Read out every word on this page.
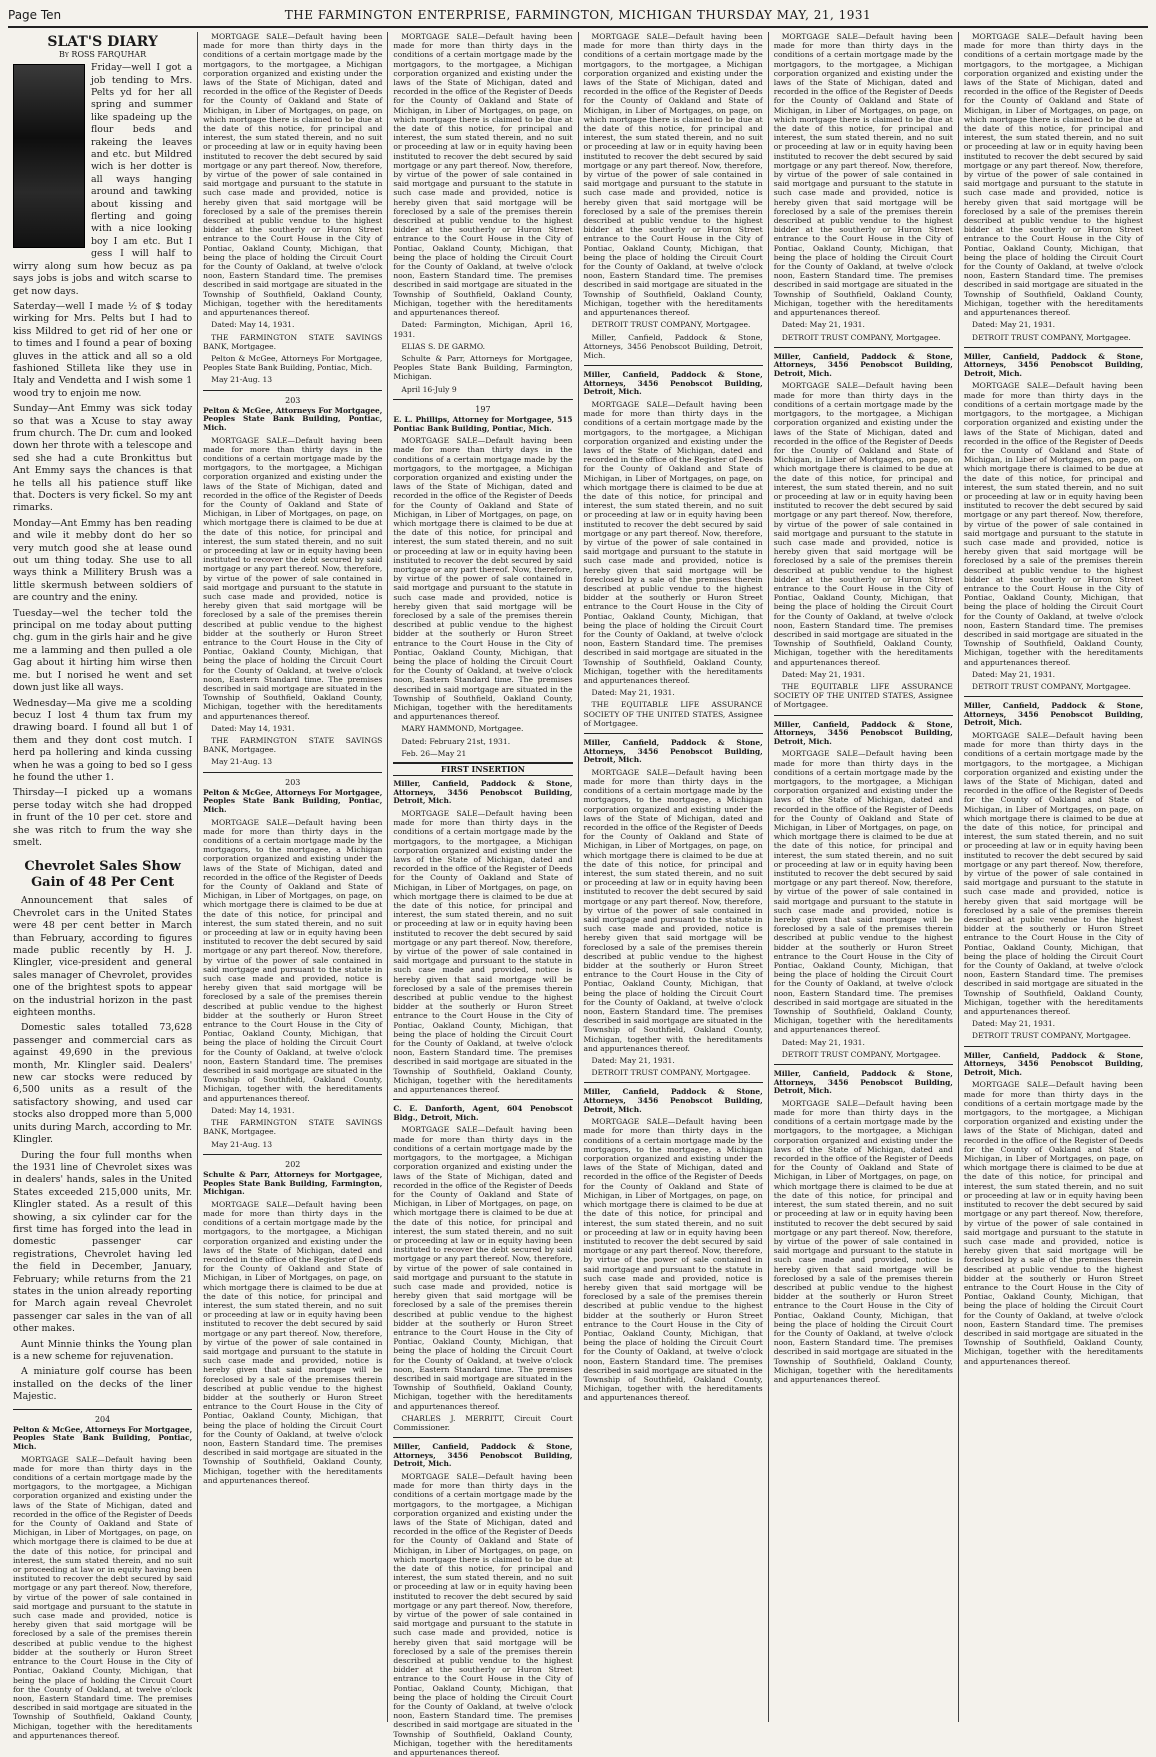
Page Ten	THE FARMINGTON ENTERPRISE, FARMINGTON, MICHIGAN THURSDAY MAY, 21, 1931
SLAT'S DIARY
By ROSS FARQUHAR

Friday—well I got a job tending to Mrs. Pelts yd for her all spring and summer like spadeing up the flour beds and rakeing the leaves and etc. but Mildred wich is her dotter is all ways hanging around and tawking about kissing and flerting and going with a nice looking boy I am etc. But I gess I will half to wirry along sum how becuz as pa says jobs is jobs and witch scarse to get now days.

Saterday—well I made ½ of $ today wirking for Mrs. Pelts but I had to kiss Mildred to get rid of her one or to times and I found a pear of boxing gluves in the attick and all so a old fashioned Stilleta like they use in Italy and Vendetta and I wish some 1 wood try to enjoin me now.

Sunday—Ant Emmy was sick today so that was a Xcuse to stay away frum church. The Dr. cum and looked down her throte with a telescope and sed she had a cute Bronkittus but Ant Emmy says the chances is that he tells all his patience stuff like that. Docters is very fickel. So my ant rimarks.

Monday—Ant Emmy has ben reading and wile it mebby dont do her so very mutch good she at lease ound out um thing today. She use to all ways think a Millitery Brush was a little skermush between soldiers of are country and the eniny.

Tuesday—wel the techer told the principal on me today about putting chg. gum in the girls hair and he give me a lamming and then pulled a ole Gag about it hirting him wirse then me. but I norised he went and set down just like all ways.

Wednesday—Ma give me a scolding becuz I lost 4 thum tax frum my drawing board. I found all but 1 of them and they dont cost mutch. I herd pa hollering and kinda cussing when he was a going to bed so I gess he found the uther 1.

Thirsday—I picked up a womans perse today witch she had dropped in frunt of the 10 per cet. store and she was ritch to frum the way she smelt.

Chevrolet Sales Show Gain of 48 Per Cent

Announcement that sales of Chevrolet cars in the United States were 48 per cent better in March than February, according to figures made public recently by H. J. Klingler, vice-president and general sales manager of Chevrolet, provides one of the brightest spots to appear on the industrial horizon in the past eighteen months.

Domestic sales totalled 73,628 passenger and commercial cars as against 49,690 in the previous month, Mr. Klingler said. Dealers' new car stocks were reduced by 6,500 units as a result of the satisfactory showing, and used car stocks also dropped more than 5,000 units during March, according to Mr. Klingler.

During the four full months when the 1931 line of Chevrolet sixes was in dealers' hands, sales in the United States exceeded 215,000 units, Mr. Klingler stated. As a result of this showing, a six cylinder car for the first time has forged into the lead in domestic passenger car registrations, Chevrolet having led the field in December, January, February; while returns from the 21 states in the union already reporting for March again reveal Chevrolet passenger car sales in the van of all other makes.

Aunt Minnie thinks the Young plan is a new scheme for rejuvenation.

A miniature golf course has been installed on the decks of the liner Majestic.

204

Pelton & McGee, Attorneys For Mortgagee, Peoples State Bank Building, Pontiac, Mich.

MORTGAGE SALE—Default having been made for more than thirty days in the conditions of a certain mortgage made by the mortgagors, to the mortgagee, a Michigan corporation organized and existing under the laws of the State of Michigan, dated and recorded in the office of the Register of Deeds for the County of Oakland and State of Michigan, in Liber of Mortgages, on page, on which mortgage there is claimed to be due at the date of this notice, for principal and interest, the sum stated therein, and no suit or proceeding at law or in equity having been instituted to recover the debt secured by said mortgage or any part thereof. Now, therefore, by virtue of the power of sale contained in said mortgage and pursuant to the statute in such case made and provided, notice is hereby given that said mortgage will be foreclosed by a sale of the premises therein described at public vendue to the highest bidder at the southerly or Huron Street entrance to the Court House in the City of Pontiac, Oakland County, Michigan, that being the place of holding the Circuit Court for the County of Oakland, at twelve o'clock noon, Eastern Standard time. The premises described in said mortgage are situated in the Township of Southfield, Oakland County, Michigan, together with the hereditaments and appurtenances thereof.

MORTGAGE SALE—Default having been made for more than thirty days in the conditions of a certain mortgage made by the mortgagors, to the mortgagee, a Michigan corporation organized and existing under the laws of the State of Michigan, dated and recorded in the office of the Register of Deeds for the County of Oakland and State of Michigan, in Liber of Mortgages, on page, on which mortgage there is claimed to be due at the date of this notice, for principal and interest, the sum stated therein, and no suit or proceeding at law or in equity having been instituted to recover the debt secured by said mortgage or any part thereof. Now, therefore, by virtue of the power of sale contained in said mortgage and pursuant to the statute in such case made and provided, notice is hereby given that said mortgage will be foreclosed by a sale of the premises therein described at public vendue to the highest bidder at the southerly or Huron Street entrance to the Court House in the City of Pontiac, Oakland County, Michigan, that being the place of holding the Circuit Court for the County of Oakland, at twelve o'clock noon, Eastern Standard time. The premises described in said mortgage are situated in the Township of Southfield, Oakland County, Michigan, together with the hereditaments and appurtenances thereof.

Dated: May 14, 1931.

THE FARMINGTON STATE SAVINGS BANK, Mortgagee.

Pelton & McGee, Attorneys For Mortgagee, Peoples State Bank Building, Pontiac, Mich.

May 21-Aug. 13

203

Pelton & McGee, Attorneys For Mortgagee, Peoples State Bank Building, Pontiac, Mich.

MORTGAGE SALE—Default having been made for more than thirty days in the conditions of a certain mortgage made by the mortgagors, to the mortgagee, a Michigan corporation organized and existing under the laws of the State of Michigan, dated and recorded in the office of the Register of Deeds for the County of Oakland and State of Michigan, in Liber of Mortgages, on page, on which mortgage there is claimed to be due at the date of this notice, for principal and interest, the sum stated therein, and no suit or proceeding at law or in equity having been instituted to recover the debt secured by said mortgage or any part thereof. Now, therefore, by virtue of the power of sale contained in said mortgage and pursuant to the statute in such case made and provided, notice is hereby given that said mortgage will be foreclosed by a sale of the premises therein described at public vendue to the highest bidder at the southerly or Huron Street entrance to the Court House in the City of Pontiac, Oakland County, Michigan, that being the place of holding the Circuit Court for the County of Oakland, at twelve o'clock noon, Eastern Standard time. The premises described in said mortgage are situated in the Township of Southfield, Oakland County, Michigan, together with the hereditaments and appurtenances thereof.

Dated: May 14, 1931.

THE FARMINGTON STATE SAVINGS BANK, Mortgagee.

May 21-Aug. 13

203

Pelton & McGee, Attorneys For Mortgagee, Peoples State Bank Building, Pontiac, Mich.

MORTGAGE SALE—Default having been made for more than thirty days in the conditions of a certain mortgage made by the mortgagors, to the mortgagee, a Michigan corporation organized and existing under the laws of the State of Michigan, dated and recorded in the office of the Register of Deeds for the County of Oakland and State of Michigan, in Liber of Mortgages, on page, on which mortgage there is claimed to be due at the date of this notice, for principal and interest, the sum stated therein, and no suit or proceeding at law or in equity having been instituted to recover the debt secured by said mortgage or any part thereof. Now, therefore, by virtue of the power of sale contained in said mortgage and pursuant to the statute in such case made and provided, notice is hereby given that said mortgage will be foreclosed by a sale of the premises therein described at public vendue to the highest bidder at the southerly or Huron Street entrance to the Court House in the City of Pontiac, Oakland County, Michigan, that being the place of holding the Circuit Court for the County of Oakland, at twelve o'clock noon, Eastern Standard time. The premises described in said mortgage are situated in the Township of Southfield, Oakland County, Michigan, together with the hereditaments and appurtenances thereof.

Dated: May 14, 1931.

THE FARMINGTON STATE SAVINGS BANK, Mortgagee.

May 21-Aug. 13

202

Schulte & Parr, Attorneys for Mortgagee, Peoples State Bank Building, Farmington, Michigan.

MORTGAGE SALE—Default having been made for more than thirty days in the conditions of a certain mortgage made by the mortgagors, to the mortgagee, a Michigan corporation organized and existing under the laws of the State of Michigan, dated and recorded in the office of the Register of Deeds for the County of Oakland and State of Michigan, in Liber of Mortgages, on page, on which mortgage there is claimed to be due at the date of this notice, for principal and interest, the sum stated therein, and no suit or proceeding at law or in equity having been instituted to recover the debt secured by said mortgage or any part thereof. Now, therefore, by virtue of the power of sale contained in said mortgage and pursuant to the statute in such case made and provided, notice is hereby given that said mortgage will be foreclosed by a sale of the premises therein described at public vendue to the highest bidder at the southerly or Huron Street entrance to the Court House in the City of Pontiac, Oakland County, Michigan, that being the place of holding the Circuit Court for the County of Oakland, at twelve o'clock noon, Eastern Standard time. The premises described in said mortgage are situated in the Township of Southfield, Oakland County, Michigan, together with the hereditaments and appurtenances thereof.

MORTGAGE SALE—Default having been made for more than thirty days in the conditions of a certain mortgage made by the mortgagors, to the mortgagee, a Michigan corporation organized and existing under the laws of the State of Michigan, dated and recorded in the office of the Register of Deeds for the County of Oakland and State of Michigan, in Liber of Mortgages, on page, on which mortgage there is claimed to be due at the date of this notice, for principal and interest, the sum stated therein, and no suit or proceeding at law or in equity having been instituted to recover the debt secured by said mortgage or any part thereof. Now, therefore, by virtue of the power of sale contained in said mortgage and pursuant to the statute in such case made and provided, notice is hereby given that said mortgage will be foreclosed by a sale of the premises therein described at public vendue to the highest bidder at the southerly or Huron Street entrance to the Court House in the City of Pontiac, Oakland County, Michigan, that being the place of holding the Circuit Court for the County of Oakland, at twelve o'clock noon, Eastern Standard time. The premises described in said mortgage are situated in the Township of Southfield, Oakland County, Michigan, together with the hereditaments and appurtenances thereof.

Dated: Farmington, Michigan, April 16, 1931.

ELIAS S. DE GARMO.

Schulte & Parr, Attorneys for Mortgagee, Peoples State Bank Building, Farmington, Michigan.

April 16-July 9

197

E. L. Phillips, Attorney for Mortgagee, 515 Pontiac Bank Building, Pontiac, Mich.

MORTGAGE SALE—Default having been made for more than thirty days in the conditions of a certain mortgage made by the mortgagors, to the mortgagee, a Michigan corporation organized and existing under the laws of the State of Michigan, dated and recorded in the office of the Register of Deeds for the County of Oakland and State of Michigan, in Liber of Mortgages, on page, on which mortgage there is claimed to be due at the date of this notice, for principal and interest, the sum stated therein, and no suit or proceeding at law or in equity having been instituted to recover the debt secured by said mortgage or any part thereof. Now, therefore, by virtue of the power of sale contained in said mortgage and pursuant to the statute in such case made and provided, notice is hereby given that said mortgage will be foreclosed by a sale of the premises therein described at public vendue to the highest bidder at the southerly or Huron Street entrance to the Court House in the City of Pontiac, Oakland County, Michigan, that being the place of holding the Circuit Court for the County of Oakland, at twelve o'clock noon, Eastern Standard time. The premises described in said mortgage are situated in the Township of Southfield, Oakland County, Michigan, together with the hereditaments and appurtenances thereof.

MARY HAMMOND, Mortgagee.

Dated: February 21st, 1931.

Feb. 26—May 21

FIRST INSERTION

Miller, Canfield, Paddock & Stone, Attorneys, 3456 Penobscot Building, Detroit, Mich.

MORTGAGE SALE—Default having been made for more than thirty days in the conditions of a certain mortgage made by the mortgagors, to the mortgagee, a Michigan corporation organized and existing under the laws of the State of Michigan, dated and recorded in the office of the Register of Deeds for the County of Oakland and State of Michigan, in Liber of Mortgages, on page, on which mortgage there is claimed to be due at the date of this notice, for principal and interest, the sum stated therein, and no suit or proceeding at law or in equity having been instituted to recover the debt secured by said mortgage or any part thereof. Now, therefore, by virtue of the power of sale contained in said mortgage and pursuant to the statute in such case made and provided, notice is hereby given that said mortgage will be foreclosed by a sale of the premises therein described at public vendue to the highest bidder at the southerly or Huron Street entrance to the Court House in the City of Pontiac, Oakland County, Michigan, that being the place of holding the Circuit Court for the County of Oakland, at twelve o'clock noon, Eastern Standard time. The premises described in said mortgage are situated in the Township of Southfield, Oakland County, Michigan, together with the hereditaments and appurtenances thereof.

C. E. Danforth, Agent, 604 Penobscot Bldg., Detroit, Mich.

MORTGAGE SALE—Default having been made for more than thirty days in the conditions of a certain mortgage made by the mortgagors, to the mortgagee, a Michigan corporation organized and existing under the laws of the State of Michigan, dated and recorded in the office of the Register of Deeds for the County of Oakland and State of Michigan, in Liber of Mortgages, on page, on which mortgage there is claimed to be due at the date of this notice, for principal and interest, the sum stated therein, and no suit or proceeding at law or in equity having been instituted to recover the debt secured by said mortgage or any part thereof. Now, therefore, by virtue of the power of sale contained in said mortgage and pursuant to the statute in such case made and provided, notice is hereby given that said mortgage will be foreclosed by a sale of the premises therein described at public vendue to the highest bidder at the southerly or Huron Street entrance to the Court House in the City of Pontiac, Oakland County, Michigan, that being the place of holding the Circuit Court for the County of Oakland, at twelve o'clock noon, Eastern Standard time. The premises described in said mortgage are situated in the Township of Southfield, Oakland County, Michigan, together with the hereditaments and appurtenances thereof.

CHARLES J. MERRITT, Circuit Court Commissioner.

Miller, Canfield, Paddock & Stone, Attorneys, 3456 Penobscot Building, Detroit, Mich.

MORTGAGE SALE—Default having been made for more than thirty days in the conditions of a certain mortgage made by the mortgagors, to the mortgagee, a Michigan corporation organized and existing under the laws of the State of Michigan, dated and recorded in the office of the Register of Deeds for the County of Oakland and State of Michigan, in Liber of Mortgages, on page, on which mortgage there is claimed to be due at the date of this notice, for principal and interest, the sum stated therein, and no suit or proceeding at law or in equity having been instituted to recover the debt secured by said mortgage or any part thereof. Now, therefore, by virtue of the power of sale contained in said mortgage and pursuant to the statute in such case made and provided, notice is hereby given that said mortgage will be foreclosed by a sale of the premises therein described at public vendue to the highest bidder at the southerly or Huron Street entrance to the Court House in the City of Pontiac, Oakland County, Michigan, that being the place of holding the Circuit Court for the County of Oakland, at twelve o'clock noon, Eastern Standard time. The premises described in said mortgage are situated in the Township of Southfield, Oakland County, Michigan, together with the hereditaments and appurtenances thereof.

MORTGAGE SALE—Default having been made for more than thirty days in the conditions of a certain mortgage made by the mortgagors, to the mortgagee, a Michigan corporation organized and existing under the laws of the State of Michigan, dated and recorded in the office of the Register of Deeds for the County of Oakland and State of Michigan, in Liber of Mortgages, on page, on which mortgage there is claimed to be due at the date of this notice, for principal and interest, the sum stated therein, and no suit or proceeding at law or in equity having been instituted to recover the debt secured by said mortgage or any part thereof. Now, therefore, by virtue of the power of sale contained in said mortgage and pursuant to the statute in such case made and provided, notice is hereby given that said mortgage will be foreclosed by a sale of the premises therein described at public vendue to the highest bidder at the southerly or Huron Street entrance to the Court House in the City of Pontiac, Oakland County, Michigan, that being the place of holding the Circuit Court for the County of Oakland, at twelve o'clock noon, Eastern Standard time. The premises described in said mortgage are situated in the Township of Southfield, Oakland County, Michigan, together with the hereditaments and appurtenances thereof.

DETROIT TRUST COMPANY, Mortgagee.

Miller, Canfield, Paddock & Stone, Attorneys, 3456 Penobscot Building, Detroit, Mich.

Miller, Canfield, Paddock & Stone, Attorneys, 3456 Penobscot Building, Detroit, Mich.

MORTGAGE SALE—Default having been made for more than thirty days in the conditions of a certain mortgage made by the mortgagors, to the mortgagee, a Michigan corporation organized and existing under the laws of the State of Michigan, dated and recorded in the office of the Register of Deeds for the County of Oakland and State of Michigan, in Liber of Mortgages, on page, on which mortgage there is claimed to be due at the date of this notice, for principal and interest, the sum stated therein, and no suit or proceeding at law or in equity having been instituted to recover the debt secured by said mortgage or any part thereof. Now, therefore, by virtue of the power of sale contained in said mortgage and pursuant to the statute in such case made and provided, notice is hereby given that said mortgage will be foreclosed by a sale of the premises therein described at public vendue to the highest bidder at the southerly or Huron Street entrance to the Court House in the City of Pontiac, Oakland County, Michigan, that being the place of holding the Circuit Court for the County of Oakland, at twelve o'clock noon, Eastern Standard time. The premises described in said mortgage are situated in the Township of Southfield, Oakland County, Michigan, together with the hereditaments and appurtenances thereof.

Dated: May 21, 1931.

THE EQUITABLE LIFE ASSURANCE SOCIETY OF THE UNITED STATES, Assignee of Mortgagee.

Miller, Canfield, Paddock & Stone, Attorneys, 3456 Penobscot Building, Detroit, Mich.

MORTGAGE SALE—Default having been made for more than thirty days in the conditions of a certain mortgage made by the mortgagors, to the mortgagee, a Michigan corporation organized and existing under the laws of the State of Michigan, dated and recorded in the office of the Register of Deeds for the County of Oakland and State of Michigan, in Liber of Mortgages, on page, on which mortgage there is claimed to be due at the date of this notice, for principal and interest, the sum stated therein, and no suit or proceeding at law or in equity having been instituted to recover the debt secured by said mortgage or any part thereof. Now, therefore, by virtue of the power of sale contained in said mortgage and pursuant to the statute in such case made and provided, notice is hereby given that said mortgage will be foreclosed by a sale of the premises therein described at public vendue to the highest bidder at the southerly or Huron Street entrance to the Court House in the City of Pontiac, Oakland County, Michigan, that being the place of holding the Circuit Court for the County of Oakland, at twelve o'clock noon, Eastern Standard time. The premises described in said mortgage are situated in the Township of Southfield, Oakland County, Michigan, together with the hereditaments and appurtenances thereof.

Dated: May 21, 1931.

DETROIT TRUST COMPANY, Mortgagee.

Miller, Canfield, Paddock & Stone, Attorneys, 3456 Penobscot Building, Detroit, Mich.

MORTGAGE SALE—Default having been made for more than thirty days in the conditions of a certain mortgage made by the mortgagors, to the mortgagee, a Michigan corporation organized and existing under the laws of the State of Michigan, dated and recorded in the office of the Register of Deeds for the County of Oakland and State of Michigan, in Liber of Mortgages, on page, on which mortgage there is claimed to be due at the date of this notice, for principal and interest, the sum stated therein, and no suit or proceeding at law or in equity having been instituted to recover the debt secured by said mortgage or any part thereof. Now, therefore, by virtue of the power of sale contained in said mortgage and pursuant to the statute in such case made and provided, notice is hereby given that said mortgage will be foreclosed by a sale of the premises therein described at public vendue to the highest bidder at the southerly or Huron Street entrance to the Court House in the City of Pontiac, Oakland County, Michigan, that being the place of holding the Circuit Court for the County of Oakland, at twelve o'clock noon, Eastern Standard time. The premises described in said mortgage are situated in the Township of Southfield, Oakland County, Michigan, together with the hereditaments and appurtenances thereof.

MORTGAGE SALE—Default having been made for more than thirty days in the conditions of a certain mortgage made by the mortgagors, to the mortgagee, a Michigan corporation organized and existing under the laws of the State of Michigan, dated and recorded in the office of the Register of Deeds for the County of Oakland and State of Michigan, in Liber of Mortgages, on page, on which mortgage there is claimed to be due at the date of this notice, for principal and interest, the sum stated therein, and no suit or proceeding at law or in equity having been instituted to recover the debt secured by said mortgage or any part thereof. Now, therefore, by virtue of the power of sale contained in said mortgage and pursuant to the statute in such case made and provided, notice is hereby given that said mortgage will be foreclosed by a sale of the premises therein described at public vendue to the highest bidder at the southerly or Huron Street entrance to the Court House in the City of Pontiac, Oakland County, Michigan, that being the place of holding the Circuit Court for the County of Oakland, at twelve o'clock noon, Eastern Standard time. The premises described in said mortgage are situated in the Township of Southfield, Oakland County, Michigan, together with the hereditaments and appurtenances thereof.

Dated: May 21, 1931.

DETROIT TRUST COMPANY, Mortgagee.

Miller, Canfield, Paddock & Stone, Attorneys, 3456 Penobscot Building, Detroit, Mich.

MORTGAGE SALE—Default having been made for more than thirty days in the conditions of a certain mortgage made by the mortgagors, to the mortgagee, a Michigan corporation organized and existing under the laws of the State of Michigan, dated and recorded in the office of the Register of Deeds for the County of Oakland and State of Michigan, in Liber of Mortgages, on page, on which mortgage there is claimed to be due at the date of this notice, for principal and interest, the sum stated therein, and no suit or proceeding at law or in equity having been instituted to recover the debt secured by said mortgage or any part thereof. Now, therefore, by virtue of the power of sale contained in said mortgage and pursuant to the statute in such case made and provided, notice is hereby given that said mortgage will be foreclosed by a sale of the premises therein described at public vendue to the highest bidder at the southerly or Huron Street entrance to the Court House in the City of Pontiac, Oakland County, Michigan, that being the place of holding the Circuit Court for the County of Oakland, at twelve o'clock noon, Eastern Standard time. The premises described in said mortgage are situated in the Township of Southfield, Oakland County, Michigan, together with the hereditaments and appurtenances thereof.

Dated: May 21, 1931.

THE EQUITABLE LIFE ASSURANCE SOCIETY OF THE UNITED STATES, Assignee of Mortgagee.

Miller, Canfield, Paddock & Stone, Attorneys, 3456 Penobscot Building, Detroit, Mich.

MORTGAGE SALE—Default having been made for more than thirty days in the conditions of a certain mortgage made by the mortgagors, to the mortgagee, a Michigan corporation organized and existing under the laws of the State of Michigan, dated and recorded in the office of the Register of Deeds for the County of Oakland and State of Michigan, in Liber of Mortgages, on page, on which mortgage there is claimed to be due at the date of this notice, for principal and interest, the sum stated therein, and no suit or proceeding at law or in equity having been instituted to recover the debt secured by said mortgage or any part thereof. Now, therefore, by virtue of the power of sale contained in said mortgage and pursuant to the statute in such case made and provided, notice is hereby given that said mortgage will be foreclosed by a sale of the premises therein described at public vendue to the highest bidder at the southerly or Huron Street entrance to the Court House in the City of Pontiac, Oakland County, Michigan, that being the place of holding the Circuit Court for the County of Oakland, at twelve o'clock noon, Eastern Standard time. The premises described in said mortgage are situated in the Township of Southfield, Oakland County, Michigan, together with the hereditaments and appurtenances thereof.

Dated: May 21, 1931.

DETROIT TRUST COMPANY, Mortgagee.

Miller, Canfield, Paddock & Stone, Attorneys, 3456 Penobscot Building, Detroit, Mich.

MORTGAGE SALE—Default having been made for more than thirty days in the conditions of a certain mortgage made by the mortgagors, to the mortgagee, a Michigan corporation organized and existing under the laws of the State of Michigan, dated and recorded in the office of the Register of Deeds for the County of Oakland and State of Michigan, in Liber of Mortgages, on page, on which mortgage there is claimed to be due at the date of this notice, for principal and interest, the sum stated therein, and no suit or proceeding at law or in equity having been instituted to recover the debt secured by said mortgage or any part thereof. Now, therefore, by virtue of the power of sale contained in said mortgage and pursuant to the statute in such case made and provided, notice is hereby given that said mortgage will be foreclosed by a sale of the premises therein described at public vendue to the highest bidder at the southerly or Huron Street entrance to the Court House in the City of Pontiac, Oakland County, Michigan, that being the place of holding the Circuit Court for the County of Oakland, at twelve o'clock noon, Eastern Standard time. The premises described in said mortgage are situated in the Township of Southfield, Oakland County, Michigan, together with the hereditaments and appurtenances thereof.

MORTGAGE SALE—Default having been made for more than thirty days in the conditions of a certain mortgage made by the mortgagors, to the mortgagee, a Michigan corporation organized and existing under the laws of the State of Michigan, dated and recorded in the office of the Register of Deeds for the County of Oakland and State of Michigan, in Liber of Mortgages, on page, on which mortgage there is claimed to be due at the date of this notice, for principal and interest, the sum stated therein, and no suit or proceeding at law or in equity having been instituted to recover the debt secured by said mortgage or any part thereof. Now, therefore, by virtue of the power of sale contained in said mortgage and pursuant to the statute in such case made and provided, notice is hereby given that said mortgage will be foreclosed by a sale of the premises therein described at public vendue to the highest bidder at the southerly or Huron Street entrance to the Court House in the City of Pontiac, Oakland County, Michigan, that being the place of holding the Circuit Court for the County of Oakland, at twelve o'clock noon, Eastern Standard time. The premises described in said mortgage are situated in the Township of Southfield, Oakland County, Michigan, together with the hereditaments and appurtenances thereof.

Dated: May 21, 1931.

DETROIT TRUST COMPANY, Mortgagee.

Miller, Canfield, Paddock & Stone, Attorneys, 3456 Penobscot Building, Detroit, Mich.

MORTGAGE SALE—Default having been made for more than thirty days in the conditions of a certain mortgage made by the mortgagors, to the mortgagee, a Michigan corporation organized and existing under the laws of the State of Michigan, dated and recorded in the office of the Register of Deeds for the County of Oakland and State of Michigan, in Liber of Mortgages, on page, on which mortgage there is claimed to be due at the date of this notice, for principal and interest, the sum stated therein, and no suit or proceeding at law or in equity having been instituted to recover the debt secured by said mortgage or any part thereof. Now, therefore, by virtue of the power of sale contained in said mortgage and pursuant to the statute in such case made and provided, notice is hereby given that said mortgage will be foreclosed by a sale of the premises therein described at public vendue to the highest bidder at the southerly or Huron Street entrance to the Court House in the City of Pontiac, Oakland County, Michigan, that being the place of holding the Circuit Court for the County of Oakland, at twelve o'clock noon, Eastern Standard time. The premises described in said mortgage are situated in the Township of Southfield, Oakland County, Michigan, together with the hereditaments and appurtenances thereof.

Dated: May 21, 1931.

DETROIT TRUST COMPANY, Mortgagee.

Miller, Canfield, Paddock & Stone, Attorneys, 3456 Penobscot Building, Detroit, Mich.

MORTGAGE SALE—Default having been made for more than thirty days in the conditions of a certain mortgage made by the mortgagors, to the mortgagee, a Michigan corporation organized and existing under the laws of the State of Michigan, dated and recorded in the office of the Register of Deeds for the County of Oakland and State of Michigan, in Liber of Mortgages, on page, on which mortgage there is claimed to be due at the date of this notice, for principal and interest, the sum stated therein, and no suit or proceeding at law or in equity having been instituted to recover the debt secured by said mortgage or any part thereof. Now, therefore, by virtue of the power of sale contained in said mortgage and pursuant to the statute in such case made and provided, notice is hereby given that said mortgage will be foreclosed by a sale of the premises therein described at public vendue to the highest bidder at the southerly or Huron Street entrance to the Court House in the City of Pontiac, Oakland County, Michigan, that being the place of holding the Circuit Court for the County of Oakland, at twelve o'clock noon, Eastern Standard time. The premises described in said mortgage are situated in the Township of Southfield, Oakland County, Michigan, together with the hereditaments and appurtenances thereof.

Dated: May 21, 1931.

DETROIT TRUST COMPANY, Mortgagee.

Miller, Canfield, Paddock & Stone, Attorneys, 3456 Penobscot Building, Detroit, Mich.

MORTGAGE SALE—Default having been made for more than thirty days in the conditions of a certain mortgage made by the mortgagors, to the mortgagee, a Michigan corporation organized and existing under the laws of the State of Michigan, dated and recorded in the office of the Register of Deeds for the County of Oakland and State of Michigan, in Liber of Mortgages, on page, on which mortgage there is claimed to be due at the date of this notice, for principal and interest, the sum stated therein, and no suit or proceeding at law or in equity having been instituted to recover the debt secured by said mortgage or any part thereof. Now, therefore, by virtue of the power of sale contained in said mortgage and pursuant to the statute in such case made and provided, notice is hereby given that said mortgage will be foreclosed by a sale of the premises therein described at public vendue to the highest bidder at the southerly or Huron Street entrance to the Court House in the City of Pontiac, Oakland County, Michigan, that being the place of holding the Circuit Court for the County of Oakland, at twelve o'clock noon, Eastern Standard time. The premises described in said mortgage are situated in the Township of Southfield, Oakland County, Michigan, together with the hereditaments and appurtenances thereof.
